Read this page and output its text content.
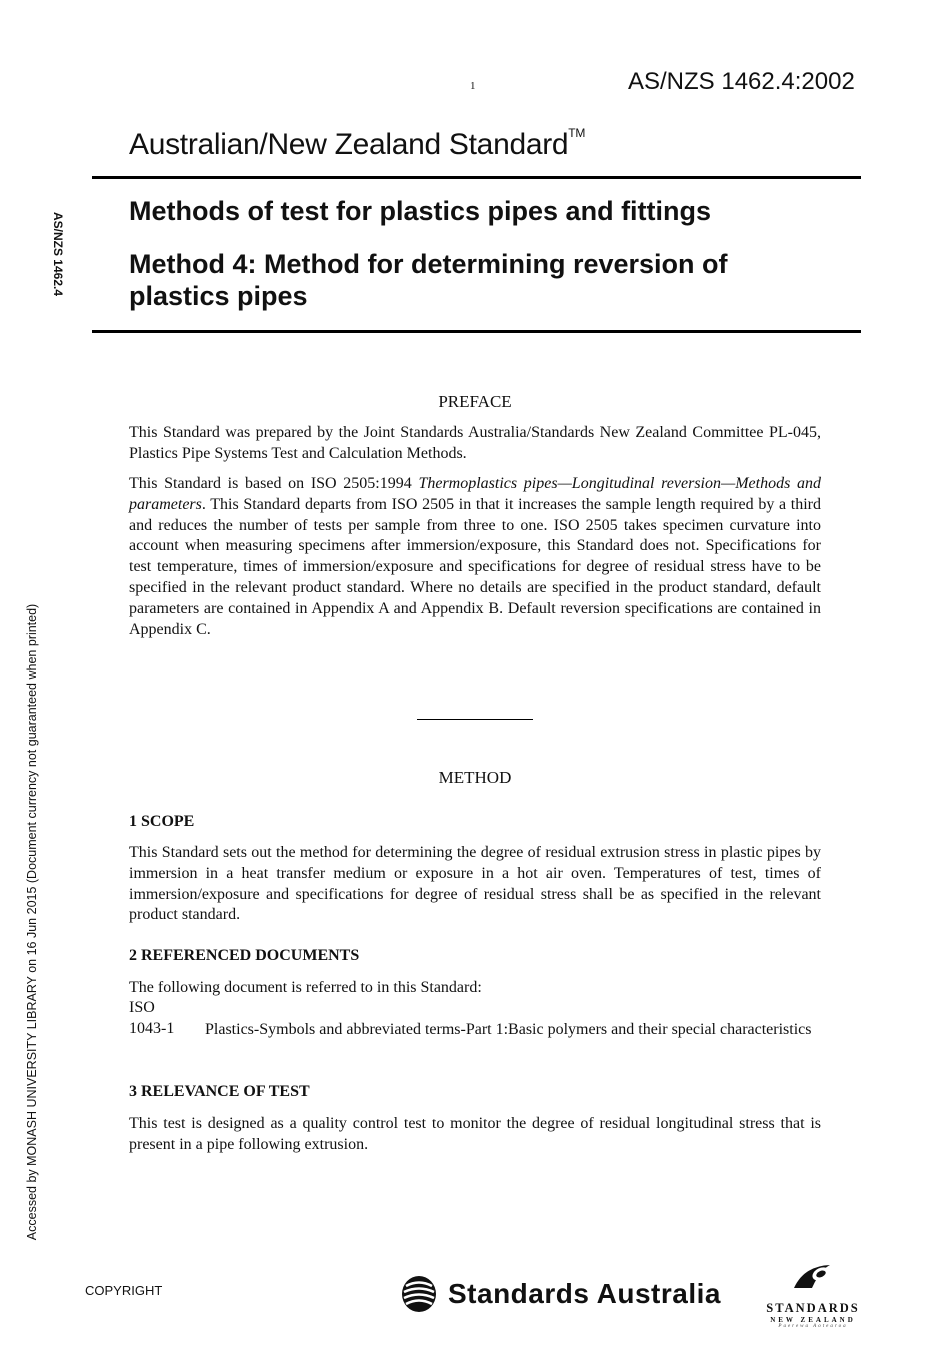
1	AS/NZS 1462.4:2002
Australian/New Zealand Standard™
Methods of test for plastics pipes and fittings
Method 4: Method for determining reversion of plastics pipes
AS/NZS 1462.4
Accessed by MONASH UNIVERSITY LIBRARY on 16 Jun 2015 (Document currency not guaranteed when printed)
PREFACE
This Standard was prepared by the Joint Standards Australia/Standards New Zealand Committee PL-045, Plastics Pipe Systems Test and Calculation Methods.
This Standard is based on ISO 2505:1994 Thermoplastics pipes—Longitudinal reversion—Methods and parameters. This Standard departs from ISO 2505 in that it increases the sample length required by a third and reduces the number of tests per sample from three to one. ISO 2505 takes specimen curvature into account when measuring specimens after immersion/exposure, this Standard does not. Specifications for test temperature, times of immersion/exposure and specifications for degree of residual stress have to be specified in the relevant product standard. Where no details are specified in the product standard, default parameters are contained in Appendix A and Appendix B. Default reversion specifications are contained in Appendix C.
METHOD
1 SCOPE
This Standard sets out the method for determining the degree of residual extrusion stress in plastic pipes by immersion in a heat transfer medium or exposure in a hot air oven. Temperatures of test, times of immersion/exposure and specifications for degree of residual stress shall be as specified in the relevant product standard.
2 REFERENCED DOCUMENTS
The following document is referred to in this Standard:
ISO
1043-1 Plastics-Symbols and abbreviated terms-Part 1:Basic polymers and their special characteristics
3 RELEVANCE OF TEST
This test is designed as a quality control test to monitor the degree of residual longitudinal stress that is present in a pipe following extrusion.
COPYRIGHT	Standards Australia	STANDARDS
NEW ZEALAND
Paerewa Aotearoa
